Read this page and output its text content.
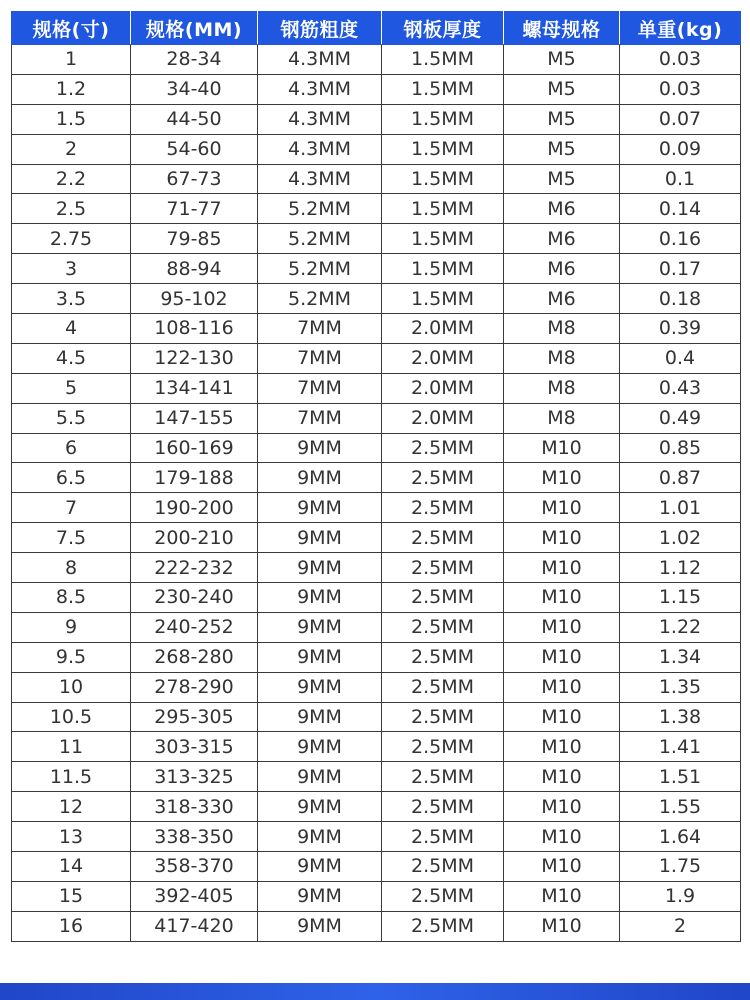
规格(寸)	规格(MM)	钢筋粗度	钢板厚度	螺母规格	单重(kg)
1	28-34	4.3MM	1.5MM	M5	0.03
1.2	34-40	4.3MM	1.5MM	M5	0.03
1.5	44-50	4.3MM	1.5MM	M5	0.07
2	54-60	4.3MM	1.5MM	M5	0.09
2.2	67-73	4.3MM	1.5MM	M5	0.1
2.5	71-77	5.2MM	1.5MM	M6	0.14
2.75	79-85	5.2MM	1.5MM	M6	0.16
3	88-94	5.2MM	1.5MM	M6	0.17
3.5	95-102	5.2MM	1.5MM	M6	0.18
4	108-116	7MM	2.0MM	M8	0.39
4.5	122-130	7MM	2.0MM	M8	0.4
5	134-141	7MM	2.0MM	M8	0.43
5.5	147-155	7MM	2.0MM	M8	0.49
6	160-169	9MM	2.5MM	M10	0.85
6.5	179-188	9MM	2.5MM	M10	0.87
7	190-200	9MM	2.5MM	M10	1.01
7.5	200-210	9MM	2.5MM	M10	1.02
8	222-232	9MM	2.5MM	M10	1.12
8.5	230-240	9MM	2.5MM	M10	1.15
9	240-252	9MM	2.5MM	M10	1.22
9.5	268-280	9MM	2.5MM	M10	1.34
10	278-290	9MM	2.5MM	M10	1.35
10.5	295-305	9MM	2.5MM	M10	1.38
11	303-315	9MM	2.5MM	M10	1.41
11.5	313-325	9MM	2.5MM	M10	1.51
12	318-330	9MM	2.5MM	M10	1.55
13	338-350	9MM	2.5MM	M10	1.64
14	358-370	9MM	2.5MM	M10	1.75
15	392-405	9MM	2.5MM	M10	1.9
16	417-420	9MM	2.5MM	M10	2
